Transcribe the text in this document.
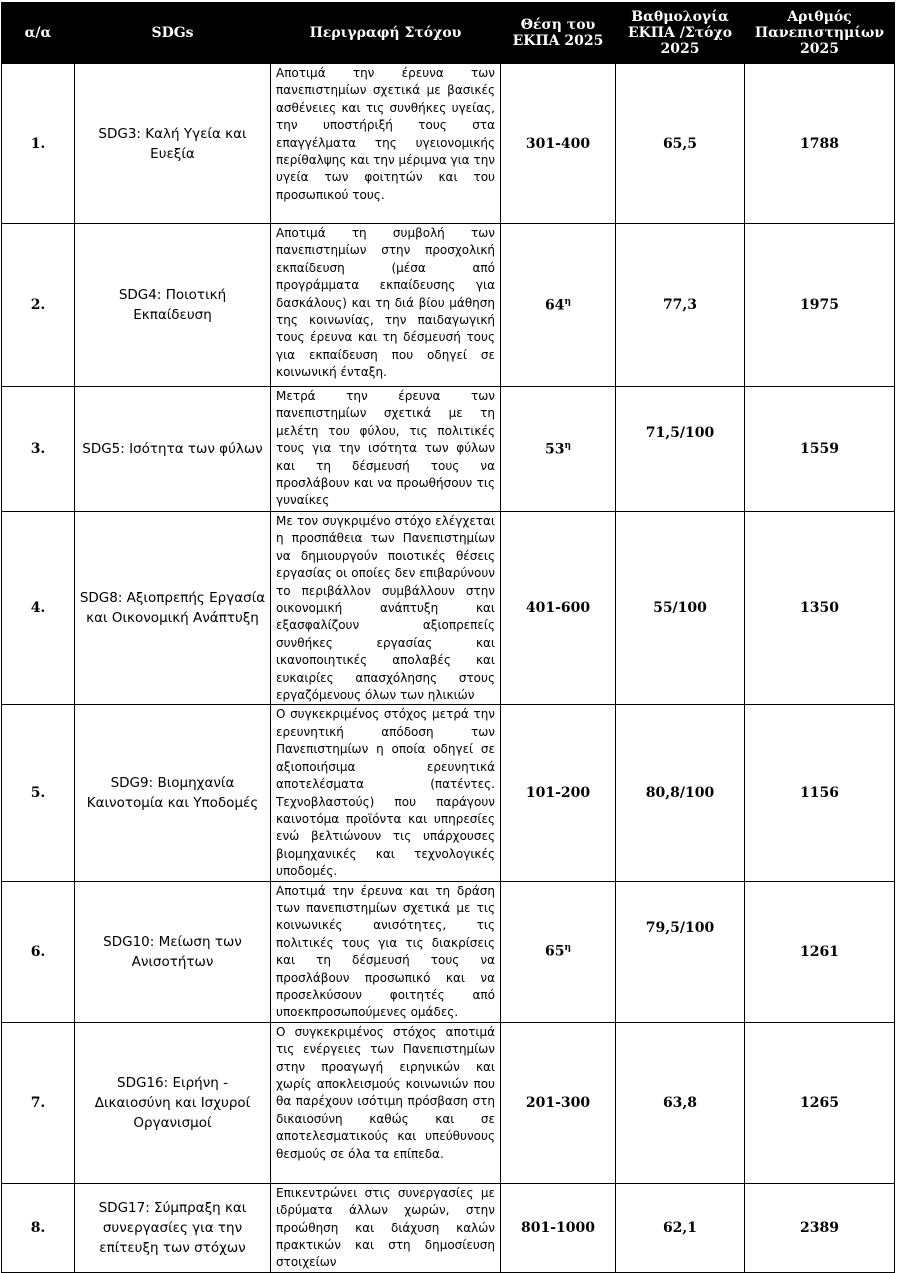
α/α	SDGs	Περιγραφή Στόχου	Θέση του ΕΚΠΑ 2025	Βαθμολογία ΕΚΠΑ /Στόχο 2025	Αριθμός Πανεπιστημίων 2025
1.	SDG3: Καλή Υγεία και Ευεξία	Αποτιμά την έρευνα των πανεπιστημίων σχετικά με βασικές ασθένειες και τις συνθήκες υγείας, την υποστήριξή τους στα επαγγέλματα της υγειονομικής περίθαλψης και την μέριμνα για την υγεία των φοιτητών και του προσωπικού τους.	301-400	65,5	1788
2.	SDG4: Ποιοτική Εκπαίδευση	Αποτιμά τη συμβολή των πανεπιστημίων στην προσχολική εκπαίδευση (μέσα από προγράμματα εκπαίδευσης για δασκάλους) και τη διά βίου μάθηση της κοινωνίας, την παιδαγωγική τους έρευνα και τη δέσμευσή τους για εκπαίδευση που οδηγεί σε κοινωνική ένταξη.	$64^\eta$	77,3	1975
3.	SDG5: Ισότητα των φύλων	Μετρά την έρευνα των πανεπιστημίων σχετικά με τη μελέτη του φύλου, τις πολιτικές τους για την ισότητα των φύλων και τη δέσμευσή τους να προσλάβουν και να προωθήσουν τις γυναίκες	$53^\eta$	71,5/100	1559
4.	SDG8: Αξιοπρεπής Εργασία και Οικονομική Ανάπτυξη	Με τον συγκριμένο στόχο ελέγχεται η προσπάθεια των Πανεπιστημίων να δημιουργούν ποιοτικές θέσεις εργασίας οι οποίες δεν επιβαρύνουν το περιβάλλον συμβάλλουν στην οικονομική ανάπτυξη και εξασφαλίζουν αξιοπρεπείς συνθήκες εργασίας και ικανοποιητικές απολαβές και ευκαιρίες απασχόλησης στους εργαζόμενους όλων των ηλικιών	401-600	55/100	1350
5.	SDG9: Βιομηχανία Καινοτομία και Υποδομές	Ο συγκεκριμένος στόχος μετρά την ερευνητική απόδοση των Πανεπιστημίων η οποία οδηγεί σε αξιοποιήσιμα ερευνητικά αποτελέσματα (πατέντες. Τεχνοβλαστούς) που παράγουν καινοτόμα προϊόντα και υπηρεσίες ενώ βελτιώνουν τις υπάρχουσες βιομηχανικές και τεχνολογικές υποδομές.	101-200	80,8/100	1156
6.	SDG10: Μείωση των Ανισοτήτων	Αποτιμά την έρευνα και τη δράση των πανεπιστημίων σχετικά με τις κοινωνικές ανισότητες, τις πολιτικές τους για τις διακρίσεις και τη δέσμευσή τους να προσλάβουν προσωπικό και να προσελκύσουν φοιτητές από υποεκπροσωπούμενες ομάδες.	$65^\eta$	79,5/100	1261
7.	SDG16: Ειρήνη - Δικαιοσύνη και Ισχυροί Οργανισμοί	Ο συγκεκριμένος στόχος αποτιμά τις ενέργειες των Πανεπιστημίων στην προαγωγή ειρηνικών και χωρίς αποκλεισμούς κοινωνιών που θα παρέχουν ισότιμη πρόσβαση στη δικαιοσύνη καθώς και σε αποτελεσματικούς και υπεύθυνους θεσμούς σε όλα τα επίπεδα.	201-300	63,8	1265
8.	SDG17: Σύμπραξη και συνεργασίες για την επίτευξη των στόχων	Επικεντρώνει στις συνεργασίες με ιδρύματα άλλων χωρών, στην προώθηση και διάχυση καλών πρακτικών και στη δημοσίευση στοιχείων	801-1000	62,1	2389
